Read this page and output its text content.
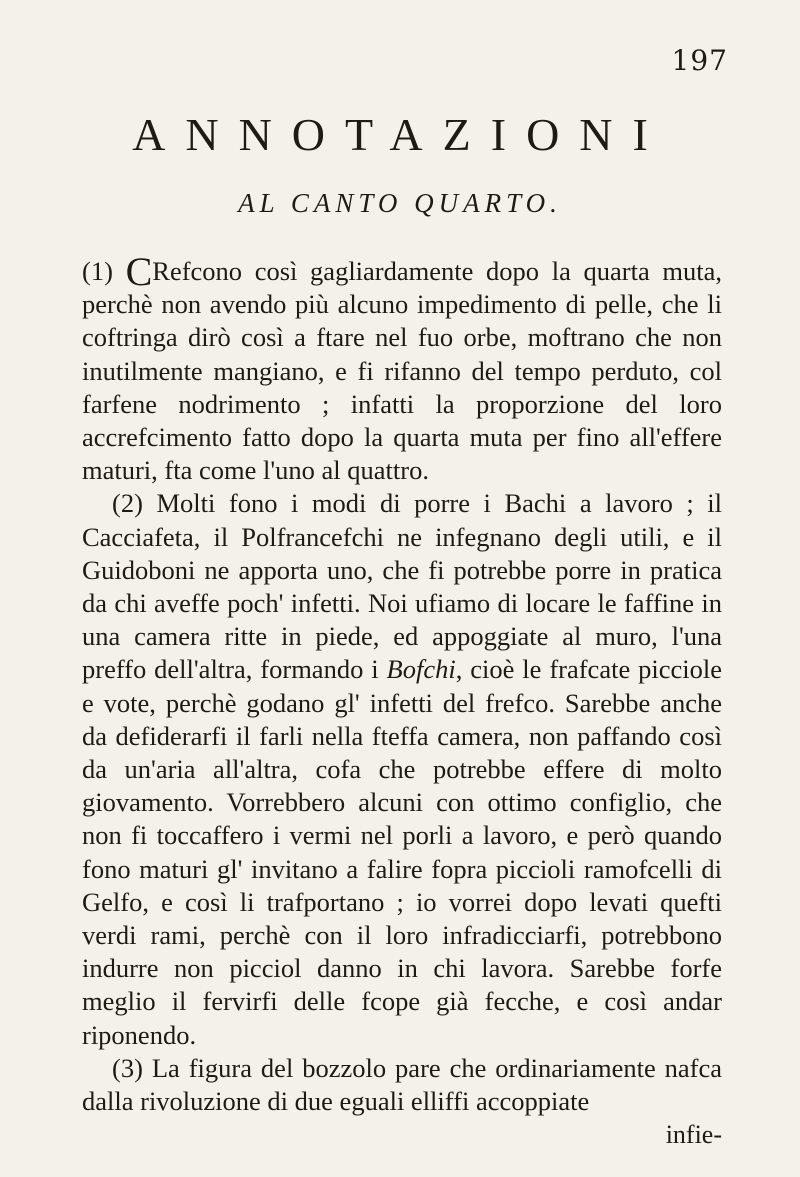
197
ANNOTAZIONI
AL CANTO QUARTO.

(1) CRefcono così gagliardamente dopo la quarta muta, perchè non avendo più alcuno impedimento di pelle, che li coftringa dirò così a ftare nel fuo orbe, moftrano che non inutilmente mangiano, e fi rifanno del tempo perduto, col farfene nodrimento ; infatti la proporzione del loro accrefcimento fatto dopo la quarta muta per fino all'effere maturi, fta come l'uno al quattro.

(2) Molti fono i modi di porre i Bachi a lavoro ; il Cacciafeta, il Polfrancefchi ne infegnano degli utili, e il Guidoboni ne apporta uno, che fi potrebbe porre in pratica da chi aveffe poch' infetti. Noi ufiamo di locare le faffine in una camera ritte in piede, ed appoggiate al muro, l'una preffo dell'altra, formando i Bofchi, cioè le frafcate picciole e vote, perchè godano gl' infetti del frefco. Sarebbe anche da defiderarfi il farli nella fteffa camera, non paffando così da un'aria all'altra, cofa che potrebbe effere di molto giovamento. Vorrebbero alcuni con ottimo configlio, che non fi toccaffero i vermi nel porli a lavoro, e però quando fono maturi gl' invitano a falire fopra piccioli ramofcelli di Gelfo, e così li trafportano ; io vorrei dopo levati quefti verdi rami, perchè con il loro infradicciarfi, potrebbono indurre non picciol danno in chi lavora. Sarebbe forfe meglio il fervirfi delle fcope già fecche, e così andar riponendo.

(3) La figura del bozzolo pare che ordinariamente nafca dalla rivoluzione di due eguali elliffi accoppiate

infie-
